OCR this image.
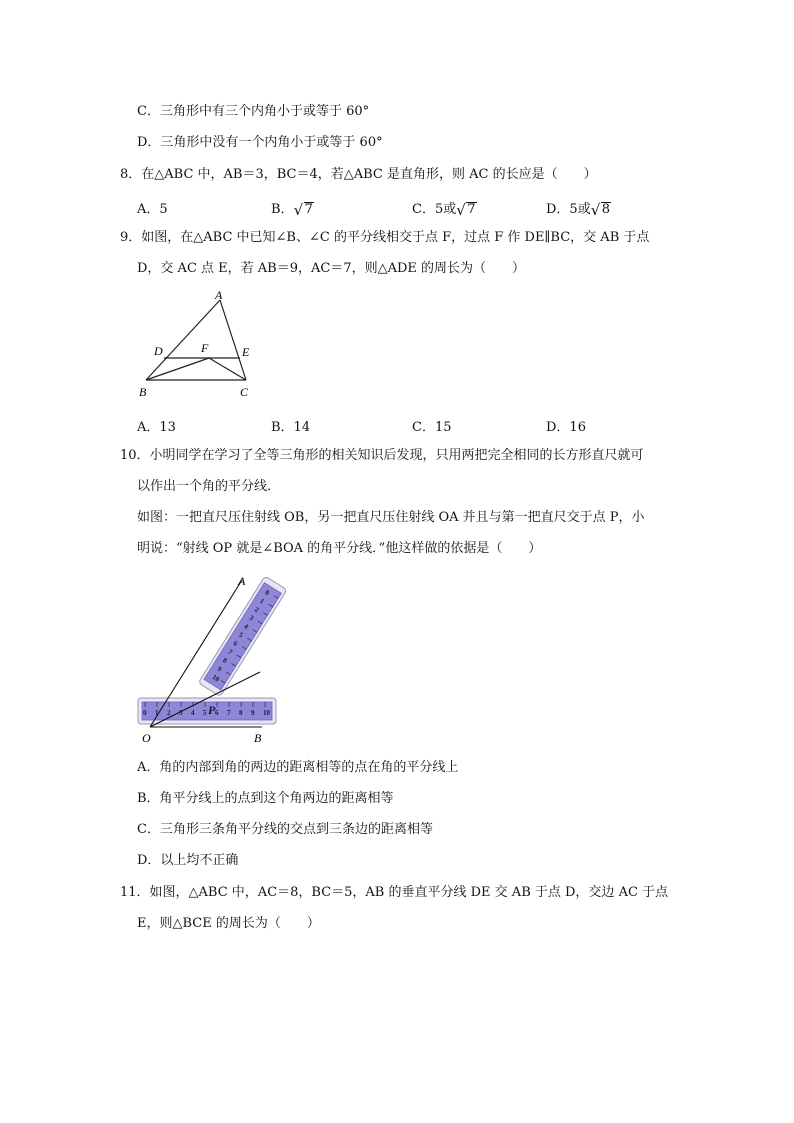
C．三角形中有三个内角小于或等于 60°
D．三角形中没有一个内角小于或等于 60°
8．在△ABC 中，AB＝3，BC＝4，若△ABC 是直角形，则 AC 的长应是（　　）
A．5	B． √ 7	C．5或 √ 7	D．5或 √ 8
9．如图，在△ABC 中已知∠B、∠C 的平分线相交于点 F，过点 F 作 DE∥BC，交 AB 于点
D，交 AC 点 E，若 AB＝9，AC＝7，则△ADE 的周长为（　　）
A
D	F	E
B	C
A．13	B．14	C．15	D．16
10．小明同学在学习了全等三角形的相关知识后发现，只用两把完全相同的长方形直尺就可
以作出一个角的平分线．
如图：一把直尺压住射线 OB，另一把直尺压住射线 OA 并且与第一把直尺交于点 P，小
明说：“射线 OP 就是∠BOA 的角平分线．”他这样做的依据是（　　）
0 1 2 3 4 5 6 7 8 9 10
0
1
2
3
4
5
6
7
8
9
10
A
O	B
P
A．角的内部到角的两边的距离相等的点在角的平分线上
B．角平分线上的点到这个角两边的距离相等
C．三角形三条角平分线的交点到三条边的距离相等
D．以上均不正确
11．如图，△ABC 中，AC＝8，BC＝5，AB 的垂直平分线 DE 交 AB 于点 D，交边 AC 于点
E，则△BCE 的周长为（　　）
